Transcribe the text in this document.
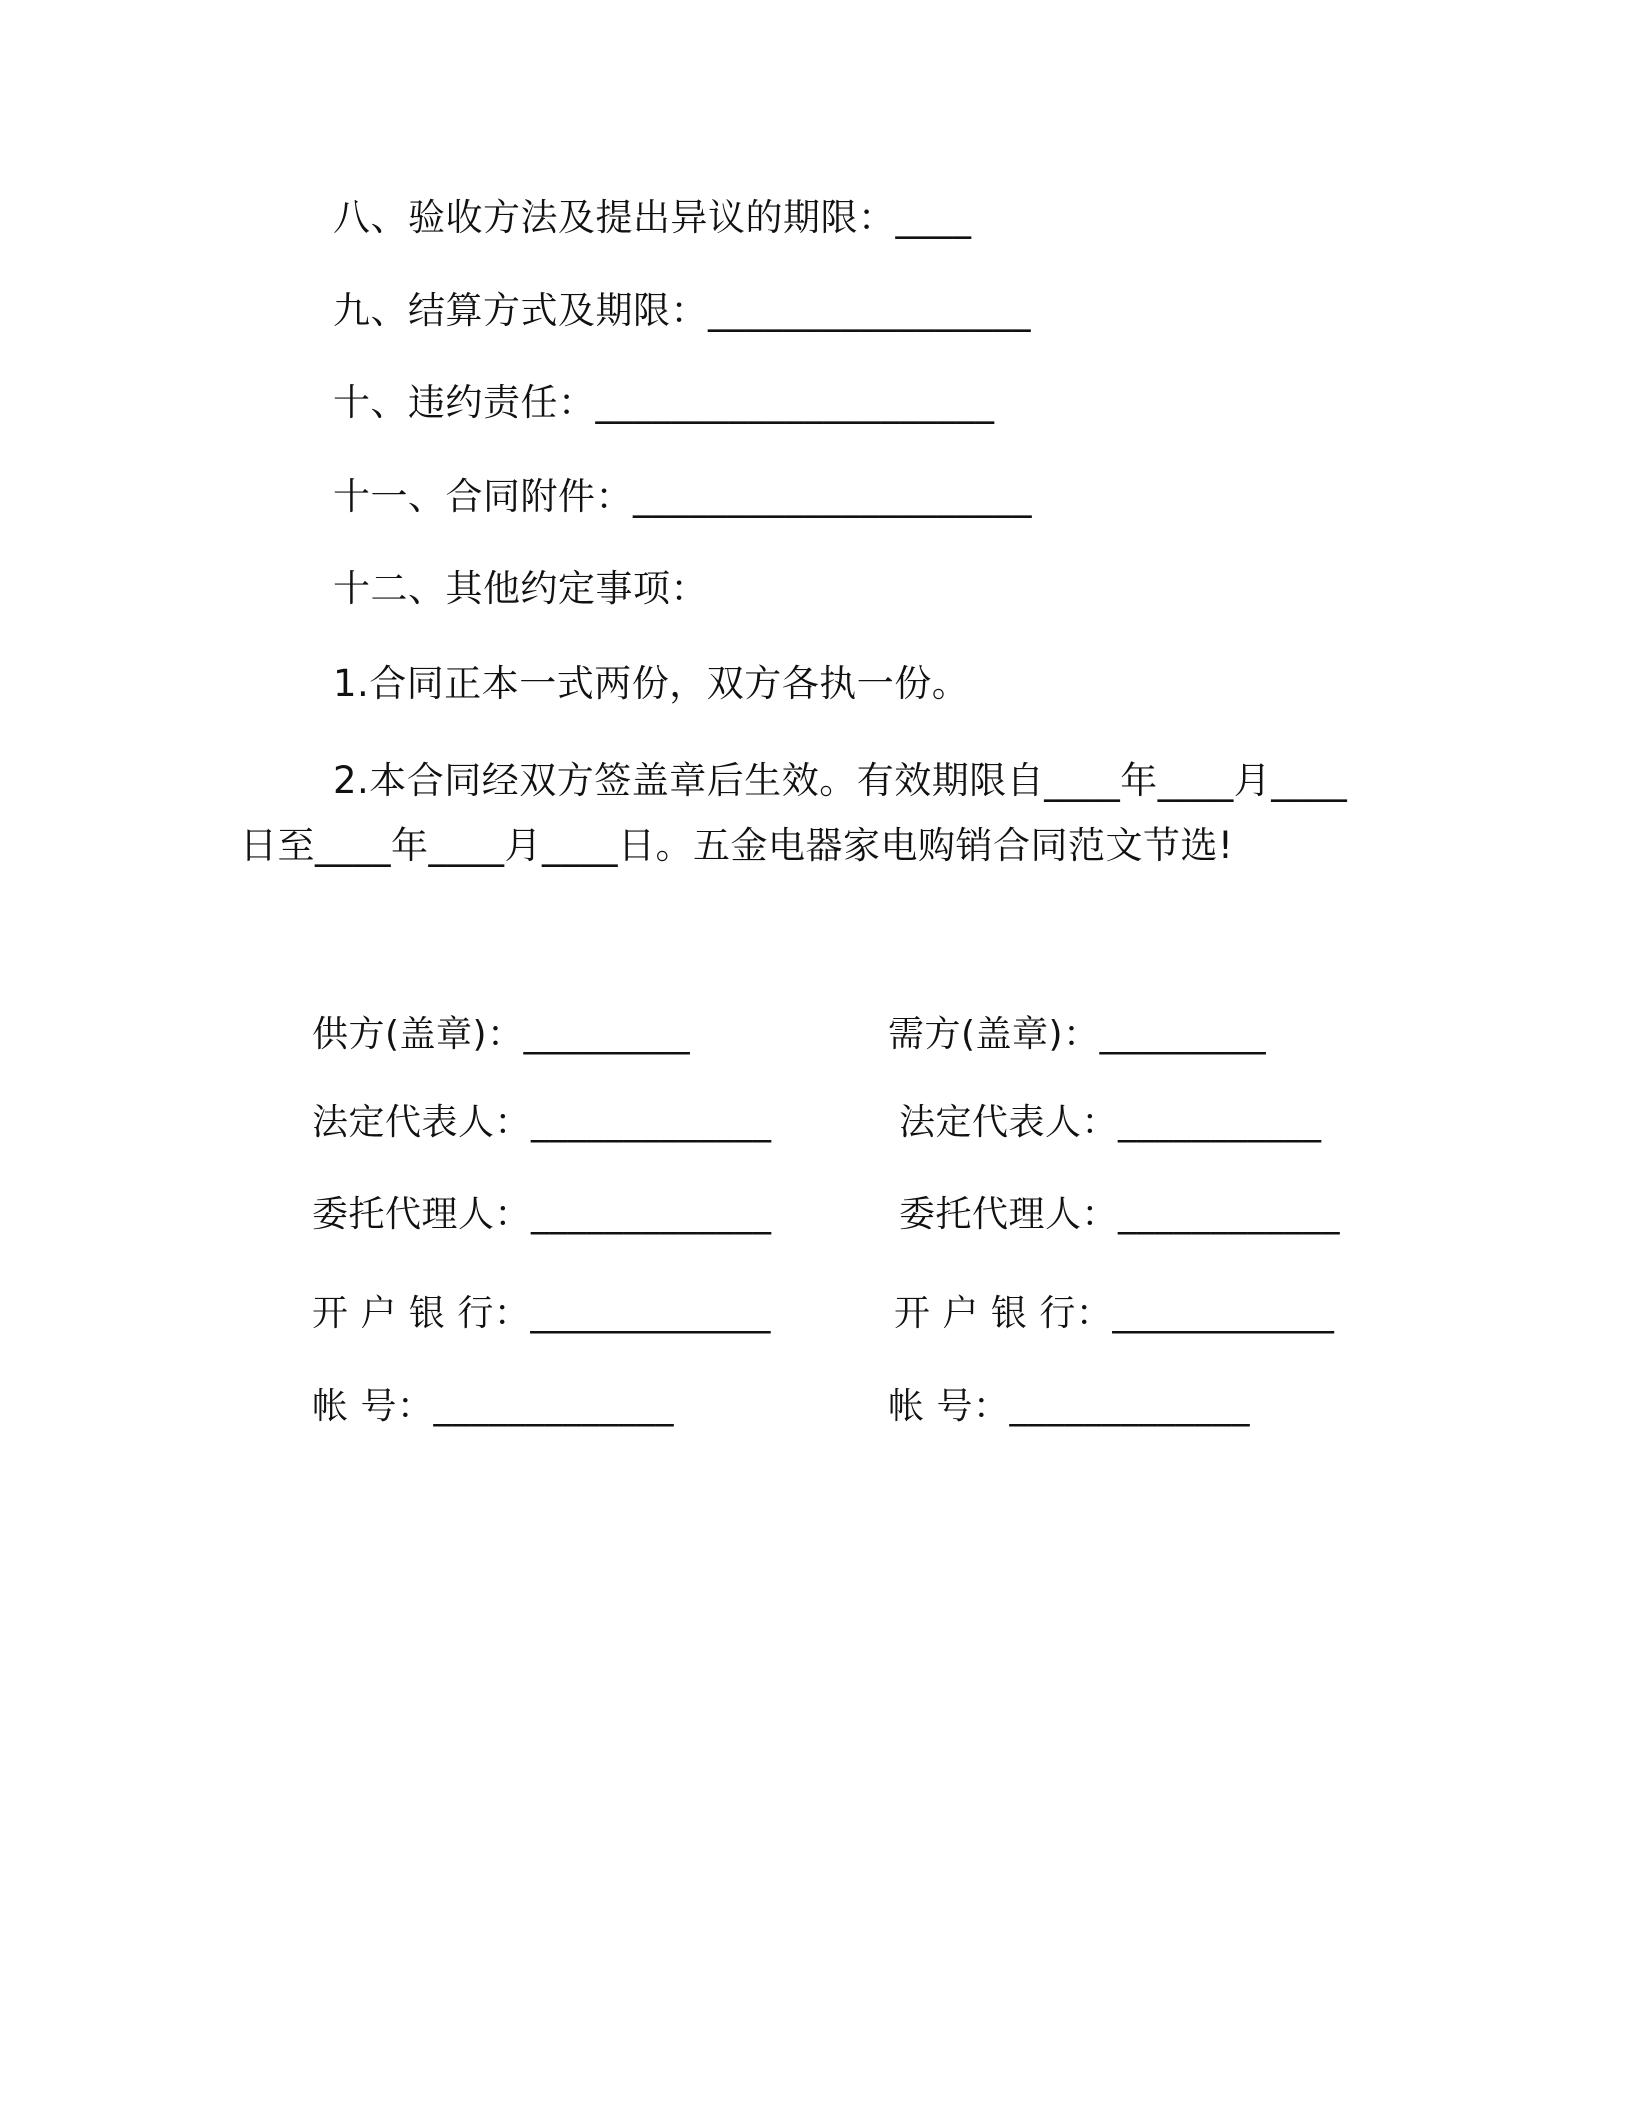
八、验收方法及提出异议的期限：____
九、结算方式及期限：_________________
十、违约责任：_____________________
十一、合同附件：_____________________
十二、其他约定事项：
1.合同正本一式两份，双方各执一份。
2.本合同经双方签盖章后生效。有效期限自____年____月____
日至____年____月____日。五金电器家电购销合同范文节选!
供方(盖章)：_________	需方(盖章)：_________
法定代表人：_____________	法定代表人：___________
委托代理人：_____________	委托代理人：____________
开 户 银 行：_____________	开 户 银 行：____________
帐 号：_____________	帐 号：_____________
